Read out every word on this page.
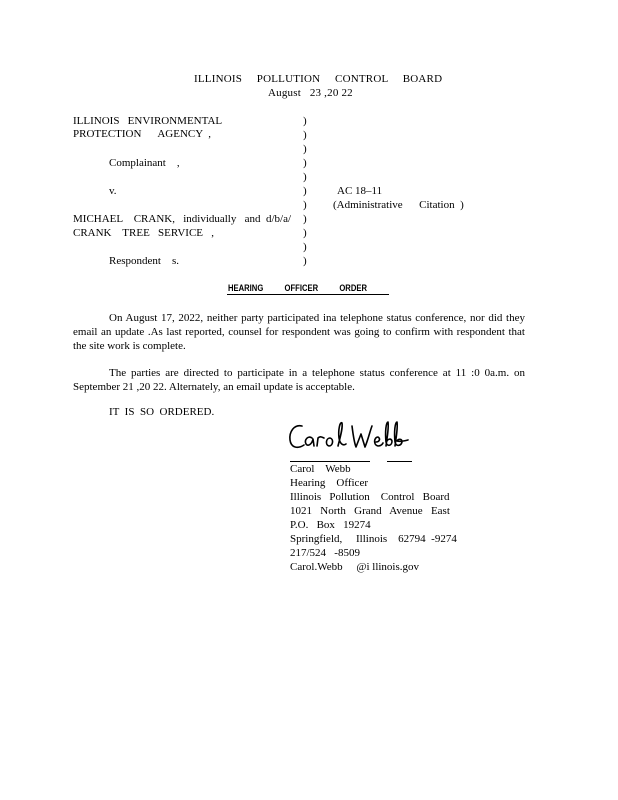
ILLINOIS     POLLUTION     CONTROL     BOARD
August   23 ,20 22
ILLINOIS   ENVIRONMENTAL
PROTECTION      AGENCY  ,
Complainant    ,
v.
MICHAEL    CRANK,   individually   and  d/b/a/
CRANK    TREE   SERVICE   ,
Respondent    s.
)
)
)
)
)
)
)
)
)
)
)
AC 18–11
(Administrative      Citation  )
HEARING          OFFICER          ORDER
On August 17, 2022, neither party participated ina telephone status conference, nor did they email an update .As last reported, counsel for respondent was going to confirm with respondent that the site work is complete.
The parties are directed to participate in a telephone status conference at 11 :0 0a.m. on September 21 ,20 22. Alternately, an email update is acceptable.
IT  IS  SO  ORDERED.
Carol    Webb
Hearing    Officer
Illinois   Pollution    Control   Board
1021   North   Grand   Avenue   East
P.O.   Box   19274
Springfield,     Illinois    62794  -9274
217/524   -8509
Carol.Webb     @i llinois.gov
